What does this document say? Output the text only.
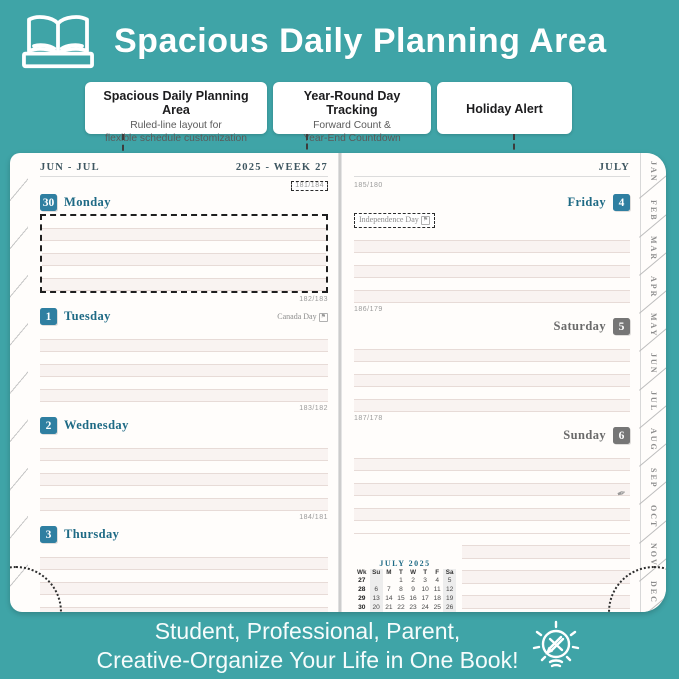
Spacious Daily Planning Area
Spacious Daily Planning Area
Ruled-line layout for
flexible schedule customization
Year-Round Day Tracking
Forward Count &
Year-End Countdown
Holiday Alert
JUN - JUL	2025 - WEEK 27
181/184
30 Monday
182/183
1	Tuesday	Canada Day ⚑
183/182
2	Wednesday
184/181
3	Thursday
JULY
185/180
Friday	4
Independence Day ⚑
186/179
Saturday	5
187/178
Sunday	6
JULY 2025
Wk	Su	M	T	W	T	F	Sa
27			1	2	3	4	5
28	6	7	8	9	10	11	12
29	13	14	15	16	17	18	19
30	20	21	22	23	24	25	26

✒
JAN
FEB
MAR
APR
MAY
JUN
JUL
AUG
SEP
OCT
NOV
DEC
Student, Professional, Parent,
Creative-Organize Your Life in One Book!
